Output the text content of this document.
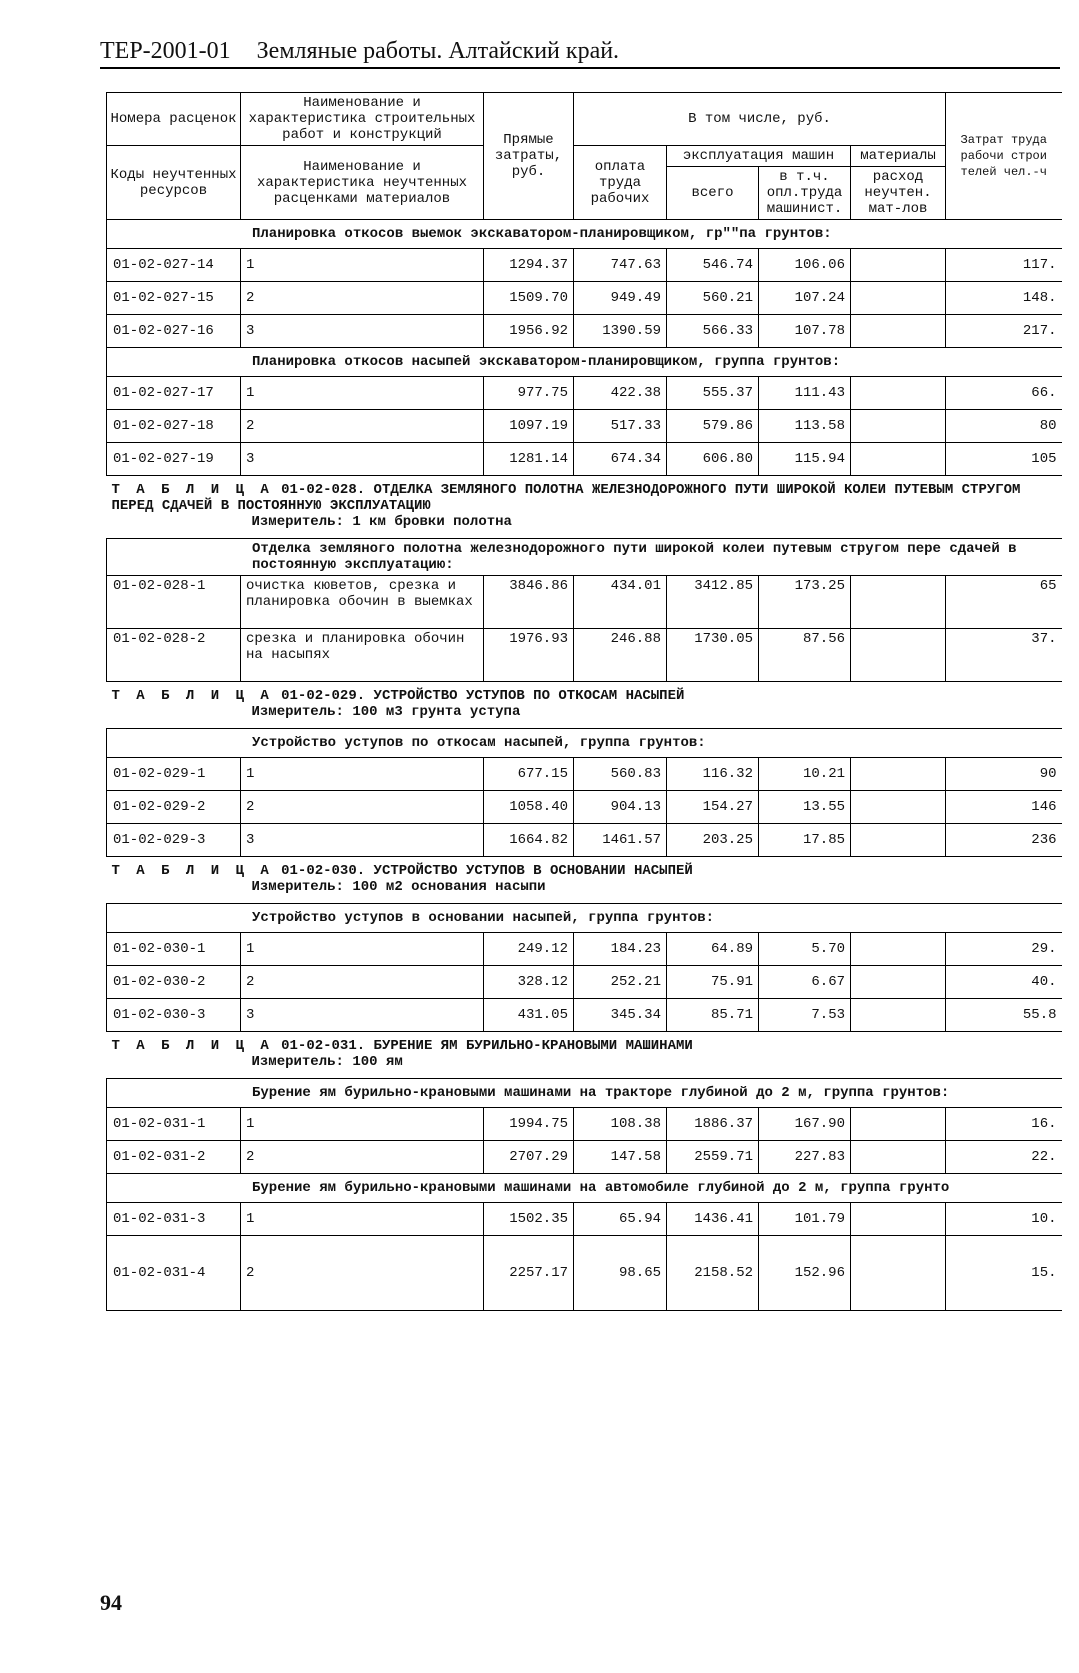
ТЕР-2001-01 Земляные работы. Алтайский край.
Номера расценок	Наименование и характеристика строительных работ и конструкций	Прямые затраты, руб.	В том числе, руб.				Затрат труда рабочи строи телей чел.-ч
Коды неучтенных ресурсов	Наименование и характеристика неучтенных расценками материалов		оплата труда рабочих	эксплуатация машин		материалы	
				всего	в т.ч. опл.труда машинист.	расход неучтен. мат-лов	
Планировка откосов выемок экскаватором-планировщиком, гр""па грунтов:							
01-02-027-14	1	1294.37	747.63	546.74	106.06		117.
01-02-027-15	2	1509.70	949.49	560.21	107.24		148.
01-02-027-16	3	1956.92	1390.59	566.33	107.78		217.
Планировка откосов насыпей экскаватором-планировщиком, группа грунтов:							
01-02-027-17	1	977.75	422.38	555.37	111.43		66.
01-02-027-18	2	1097.19	517.33	579.86	113.58		80
01-02-027-19	3	1281.14	674.34	606.80	115.94		105
Т А Б Л И Ц А 01-02-028. ОТДЕЛКА ЗЕМЛЯНОГО ПОЛОТНА ЖЕЛЕЗНОДОРОЖНОГО ПУТИ ШИРОКОЙ КОЛЕИ ПУТЕВЫМ СТРУГОМ ПЕРЕД СДАЧЕЙ В ПОСТОЯННУЮ ЭКСПЛУАТАЦИЮ
Измеритель: 1 км бровки полотна							

Отделка земляного полотна железнодорожного пути широкой колеи путевым стругом пере сдачей в постоянную эксплуатацию:							
01-02-028-1	очистка кюветов, срезка и планировка обочин в выемках	3846.86	434.01	3412.85	173.25		65
01-02-028-2	срезка и планировка обочин на насыпях	1976.93	246.88	1730.05	87.56		37.
Т А Б Л И Ц А 01-02-029. УСТРОЙСТВО УСТУПОВ ПО ОТКОСАМ НАСЫПЕЙ
Измеритель: 100 м3 грунта уступа							

Устройство уступов по откосам насыпей, группа грунтов:							
01-02-029-1	1	677.15	560.83	116.32	10.21		90
01-02-029-2	2	1058.40	904.13	154.27	13.55		146
01-02-029-3	3	1664.82	1461.57	203.25	17.85		236
Т А Б Л И Ц А 01-02-030. УСТРОЙСТВО УСТУПОВ В ОСНОВАНИИ НАСЫПЕЙ
Измеритель: 100 м2 основания насыпи							

Устройство уступов в основании насыпей, группа грунтов:							
01-02-030-1	1	249.12	184.23	64.89	5.70		29.
01-02-030-2	2	328.12	252.21	75.91	6.67		40.
01-02-030-3	3	431.05	345.34	85.71	7.53		55.8
Т А Б Л И Ц А 01-02-031. БУРЕНИЕ ЯМ БУРИЛЬНО-КРАНОВЫМИ МАШИНАМИ
Измеритель: 100 ям							

Бурение ям бурильно-крановыми машинами на тракторе глубиной до 2 м, группа грунтов:							
01-02-031-1	1	1994.75	108.38	1886.37	167.90		16.
01-02-031-2	2	2707.29	147.58	2559.71	227.83		22.
Бурение ям бурильно-крановыми машинами на автомобиле глубиной до 2 м, группа грунто							
01-02-031-3	1	1502.35	65.94	1436.41	101.79		10.
01-02-031-4	2	2257.17	98.65	2158.52	152.96		15.
94
